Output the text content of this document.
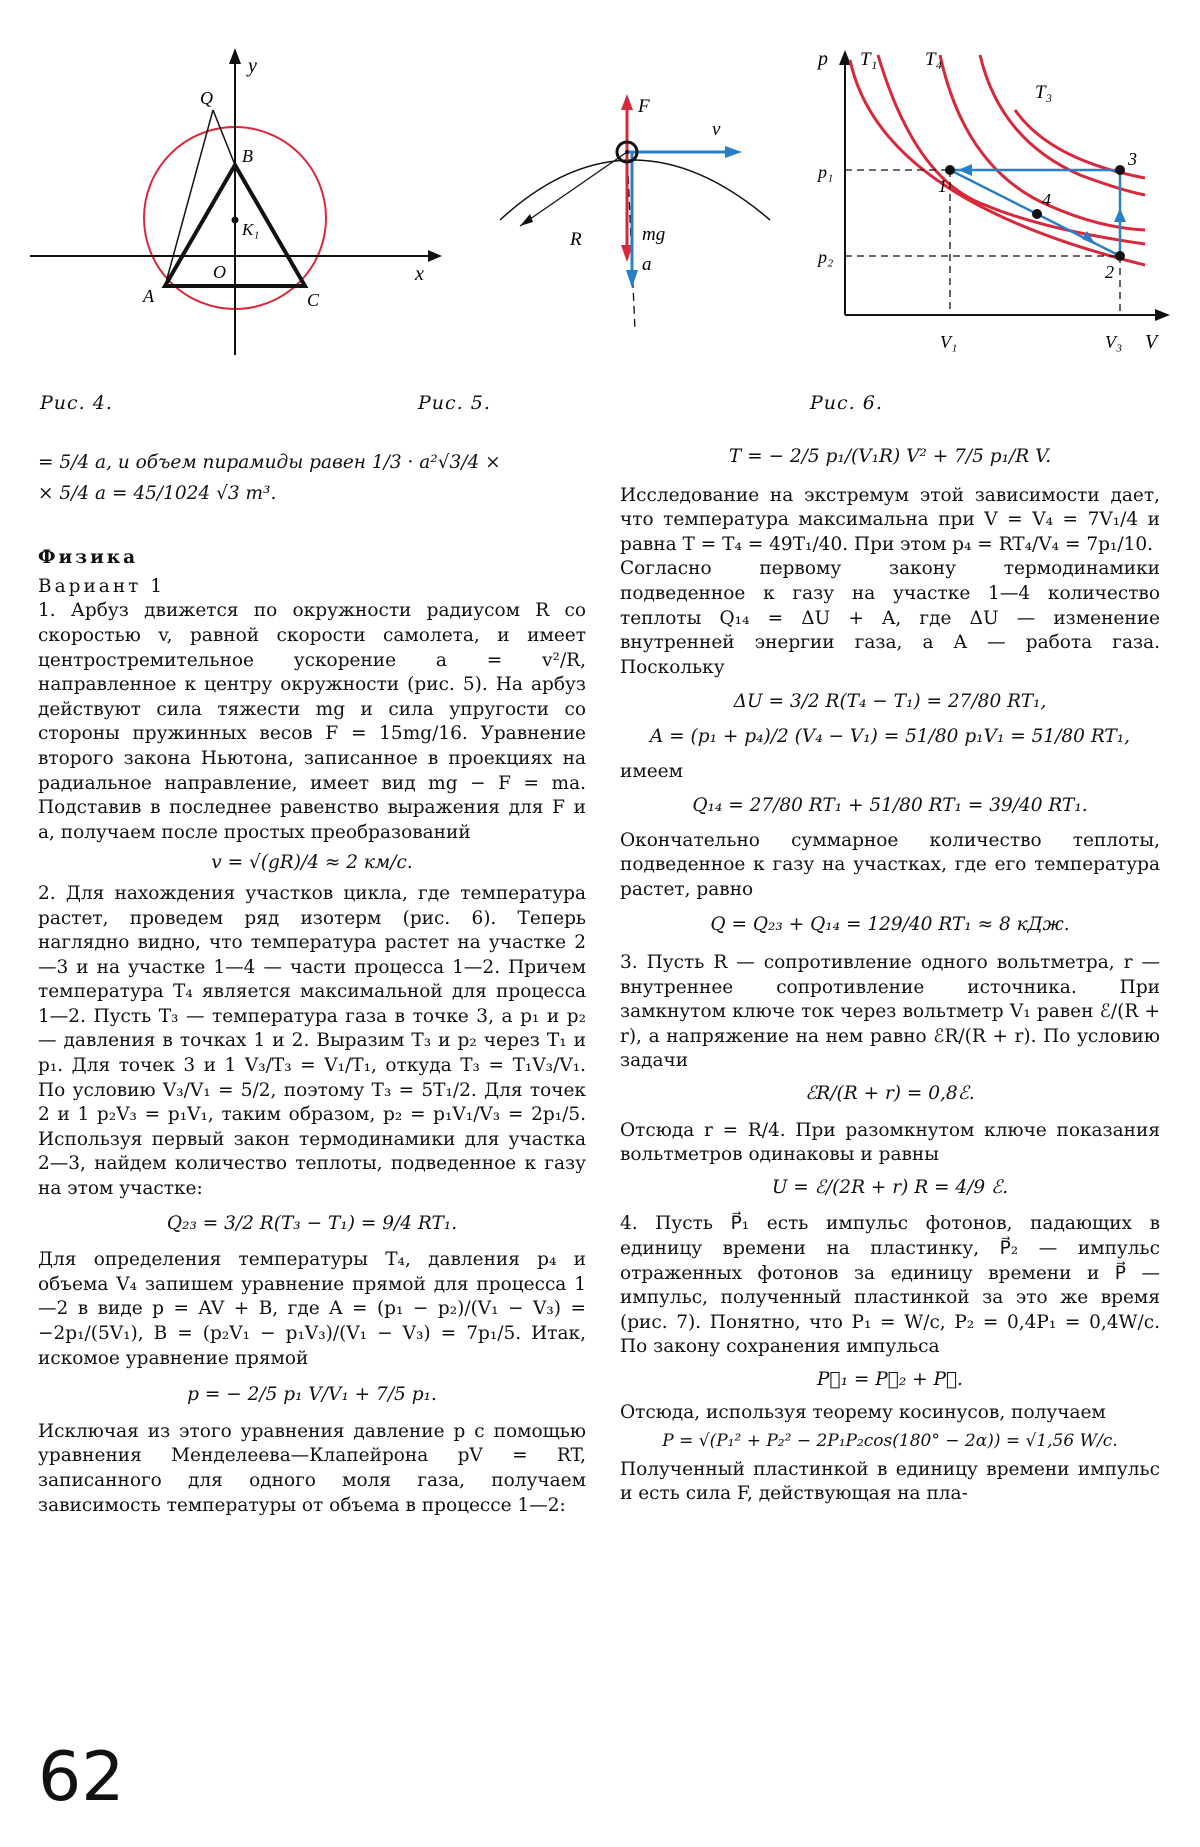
y
x
Q
B
K₁
O
A	C
F⃗
v⃗
R	mg⃗
a⃗
p
V
T₁	T₄
T₃
p₁
p₂
V₁	V₃
1
2
3
4
Рис. 4.	Рис. 5.	Рис. 6.
= 5/4 a, и объем пирамиды равен 1/3 · a²√3/4 ×
× 5/4 a = 45/1024 √3 m³.

Физика

Вариант 1

1. Арбуз движется по окружности радиусом R со скоростью v, равной скорости самолета, и имеет центростремительное ускорение a = v²/R, направленное к центру окружности (рис. 5). На арбуз действуют сила тяжести mg и сила упругости со стороны пружинных весов F = 15mg/16. Уравнение второго закона Ньютона, записанное в проекциях на радиальное направление, имеет вид mg − F = ma. Подставив в последнее равенство выражения для F и a, получаем после простых преобразований

v = √(gR)/4 ≈ 2 км/с.

2. Для нахождения участков цикла, где температура растет, проведем ряд изотерм (рис. 6). Теперь наглядно видно, что температура растет на участке 2—3 и на участке 1—4 — части процесса 1—2. Причем температура T₄ является максимальной для процесса 1—2. Пусть T₃ — температура газа в точке 3, а p₁ и p₂ — давления в точках 1 и 2. Выразим T₃ и p₂ через T₁ и p₁. Для точек 3 и 1 V₃/T₃ = V₁/T₁, откуда T₃ = T₁V₃/V₁. По условию V₃/V₁ = 5/2, поэтому T₃ = 5T₁/2. Для точек 2 и 1 p₂V₃ = p₁V₁, таким образом, p₂ = p₁V₁/V₃ = 2p₁/5. Используя первый закон термодинамики для участка 2—3, найдем количество теплоты, подведенное к газу на этом участке:

Q₂₃ = 3/2 R(T₃ − T₁) = 9/4 RT₁.

Для определения температуры T₄, давления p₄ и объема V₄ запишем уравнение прямой для процесса 1—2 в виде p = AV + B, где A = (p₁ − p₂)/(V₁ − V₃) = −2p₁/(5V₁), B = (p₂V₁ − p₁V₃)/(V₁ − V₃) = 7p₁/5. Итак, искомое уравнение прямой

p = − 2/5 p₁ V/V₁ + 7/5 p₁.

Исключая из этого уравнения давление p с помощью уравнения Менделеева—Клапейрона pV = RT, записанного для одного моля газа, получаем зависимость температуры от объема в процессе 1—2:

T = − 2/5 p₁/(V₁R) V² + 7/5 p₁/R V.

Исследование на экстремум этой зависимости дает, что температура максимальна при V = V₄ = 7V₁/4 и равна T = T₄ = 49T₁/40. При этом p₄ = RT₄/V₄ = 7p₁/10.

Согласно первому закону термодинамики подведенное к газу на участке 1—4 количество теплоты Q₁₄ = ΔU + A, где ΔU — изменение внутренней энергии газа, а A — работа газа. Поскольку

ΔU = 3/2 R(T₄ − T₁) = 27/80 RT₁,
A = (p₁ + p₄)/2 (V₄ − V₁) = 51/80 p₁V₁ = 51/80 RT₁,

имеем

Q₁₄ = 27/80 RT₁ + 51/80 RT₁ = 39/40 RT₁.

Окончательно суммарное количество теплоты, подведенное к газу на участках, где его температура растет, равно

Q = Q₂₃ + Q₁₄ = 129/40 RT₁ ≈ 8 кДж.

3. Пусть R — сопротивление одного вольтметра, r — внутреннее сопротивление источника. При замкнутом ключе ток через вольтметр V₁ равен ℰ/(R + r), а напряжение на нем равно ℰR/(R + r). По условию задачи

ℰR/(R + r) = 0,8ℰ.

Отсюда r = R/4. При разомкнутом ключе показания вольтметров одинаковы и равны

U = ℰ/(2R + r) R = 4/9 ℰ.

4. Пусть P⃗₁ есть импульс фотонов, падающих в единицу времени на пластинку, P⃗₂ — импульс отраженных фотонов за единицу времени и P⃗ — импульс, полученный пластинкой за это же время (рис. 7). Понятно, что P₁ = W/c, P₂ = 0,4P₁ = 0,4W/c. По закону сохранения импульса

P⃗₁ = P⃗₂ + P⃗.

Отсюда, используя теорему косинусов, получаем

P = √(P₁² + P₂² − 2P₁P₂cos(180° − 2α)) = √1,56 W/c.

Полученный пластинкой в единицу времени импульс и есть сила F, действующая на пла-

62
